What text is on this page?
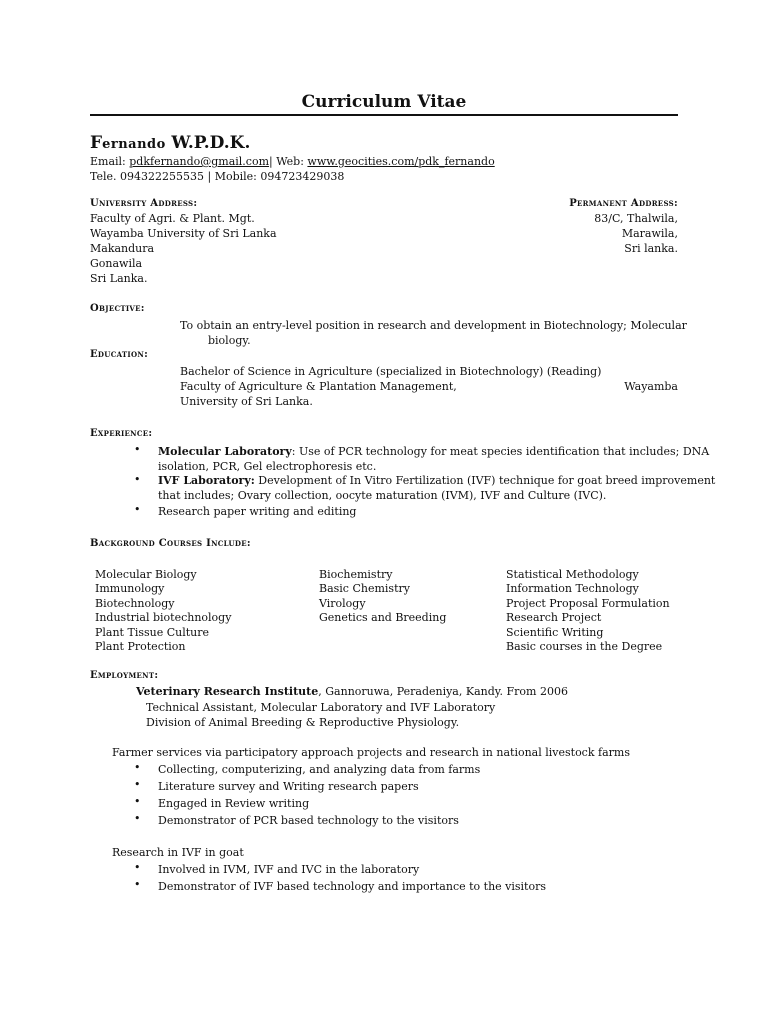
Curriculum Vitae
Fernando W.P.D.K.
Email: pdkfernando@gmail.com| Web: www.geocities.com/pdk_fernando
Tele. 094322255535 | Mobile: 094723429038
University Address:
Faculty of Agri. & Plant. Mgt.
Wayamba University of Sri Lanka
Makandura
Gonawila
Sri Lanka.
Permanent Address:
83/C, Thalwila,
Marawila,
Sri lanka.
Objective:
To obtain an entry-level position in research and development in Biotechnology; Molecular
biology.
Education:
Bachelor of Science in Agriculture (specialized in Biotechnology) (Reading)
Faculty of Agriculture & Plantation Management,	Wayamba
University of Sri Lanka.
Experience:
• Molecular Laboratory: Use of PCR technology for meat species identification that includes; DNA
isolation, PCR, Gel electrophoresis etc.
• IVF Laboratory: Development of In Vitro Fertilization (IVF) technique for goat breed improvement
that includes; Ovary collection, oocyte maturation (IVM), IVF and Culture (IVC).
• Research paper writing and editing
Background Courses Include:
Molecular Biology
Immunology
Biotechnology
Industrial biotechnology
Plant Tissue Culture
Plant Protection
Biochemistry
Basic Chemistry
Virology
Genetics and Breeding
Statistical Methodology
Information Technology
Project Proposal Formulation
Research Project
Scientific Writing
Basic courses in the Degree
Employment:
Veterinary Research Institute, Gannoruwa, Peradeniya, Kandy. From 2006
Technical Assistant, Molecular Laboratory and IVF Laboratory
Division of Animal Breeding & Reproductive Physiology.
Farmer services via participatory approach projects and research in national livestock farms
• Collecting, computerizing, and analyzing data from farms
• Literature survey and Writing research papers
• Engaged in Review writing
• Demonstrator of PCR based technology to the visitors
Research in IVF in goat
• Involved in IVM, IVF and IVC in the laboratory
• Demonstrator of IVF based technology and importance to the visitors
